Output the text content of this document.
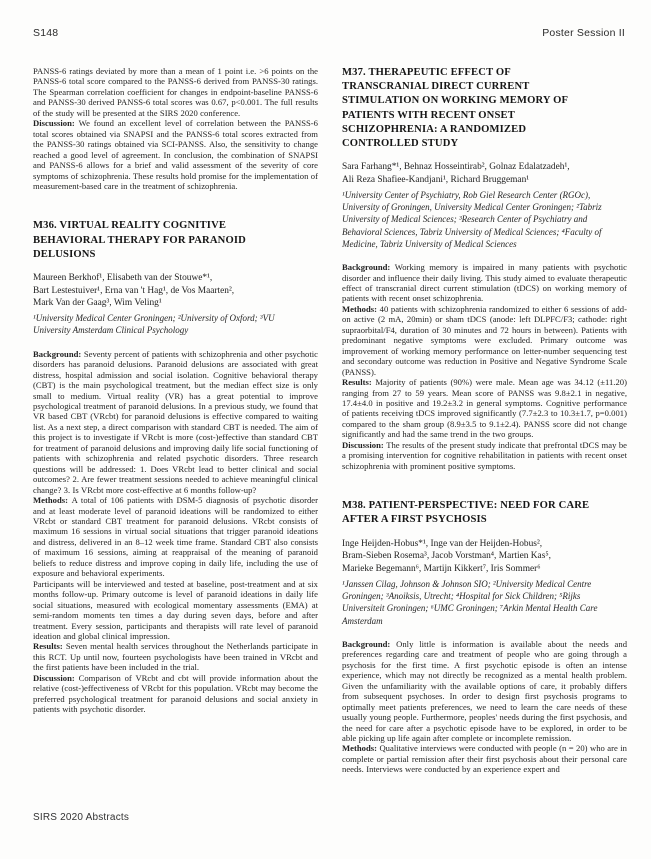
S148	Poster Session II

PANSS-6 ratings deviated by more than a mean of 1 point i.e. >6 points on the PANSS-6 total score compared to the PANSS-6 derived from PANSS-30 ratings. The Spearman correlation coefficient for changes in endpoint-baseline PANSS-6 and PANSS-30 derived PANSS-6 total scores was 0.67, p<0.001. The full results of the study will be presented at the SIRS 2020 conference.

Discussion: We found an excellent level of correlation between the PANSS-6 total scores obtained via SNAPSI and the PANSS-6 total scores extracted from the PANSS-30 ratings obtained via SCI-PANSS. Also, the sensitivity to change reached a good level of agreement. In conclusion, the combination of SNAPSI and PANSS-6 allows for a brief and valid assessment of the severity of core symptoms of schizophrenia. These results hold promise for the implementation of measurement-based care in the treatment of schizophrenia.

M36. VIRTUAL REALITY COGNITIVE BEHAVIORAL THERAPY FOR PARANOID DELUSIONS
Maureen Berkhof¹, Elisabeth van der Stouwe*¹,
Bart Lestestuiver¹, Erna van 't Hag¹, de Vos Maarten²,
Mark Van der Gaag³, Wim Veling¹
¹University Medical Center Groningen; ²University of Oxford; ³VU University Amsterdam Clinical Psychology

Background: Seventy percent of patients with schizophrenia and other psychotic disorders has paranoid delusions. Paranoid delusions are associated with great distress, hospital admission and social isolation. Cognitive behavioral therapy (CBT) is the main psychological treatment, but the median effect size is only small to medium. Virtual reality (VR) has a great potential to improve psychological treatment of paranoid delusions. In a previous study, we found that VR based CBT (VRcbt) for paranoid delusions is effective compared to waiting list. As a next step, a direct comparison with standard CBT is needed. The aim of this project is to investigate if VRcbt is more (cost-)effective than standard CBT for treatment of paranoid delusions and improving daily life social functioning of patients with schizophrenia and related psychotic disorders. Three research questions will be addressed: 1. Does VRcbt lead to better clinical and social outcomes? 2. Are fewer treatment sessions needed to achieve meaningful clinical change? 3. Is VRcbt more cost-effective at 6 months follow-up?

Methods: A total of 106 patients with DSM-5 diagnosis of psychotic disorder and at least moderate level of paranoid ideations will be randomized to either VRcbt or standard CBT treatment for paranoid delusions. VRcbt consists of maximum 16 sessions in virtual social situations that trigger paranoid ideations and distress, delivered in an 8–12 week time frame. Standard CBT also consists of maximum 16 sessions, aiming at reappraisal of the meaning of paranoid beliefs to reduce distress and improve coping in daily life, including the use of exposure and behavioral experiments.

Participants will be interviewed and tested at baseline, post-treatment and at six months follow-up. Primary outcome is level of paranoid ideations in daily life social situations, measured with ecological momentary assessments (EMA) at semi-random moments ten times a day during seven days, before and after treatment. Every session, participants and therapists will rate level of paranoid ideation and global clinical impression.

Results: Seven mental health services throughout the Netherlands participate in this RCT. Up until now, fourteen psychologists have been trained in VRcbt and the first patients have been included in the trial.

Discussion: Comparison of VRcbt and cbt will provide information about the relative (cost-)effectiveness of VRcbt for this population. VRcbt may become the preferred psychological treatment for paranoid delusions and social anxiety in patients with psychotic disorder.

M37. THERAPEUTIC EFFECT OF TRANSCRANIAL DIRECT CURRENT STIMULATION ON WORKING MEMORY OF PATIENTS WITH RECENT ONSET SCHIZOPHRENIA: A RANDOMIZED CONTROLLED STUDY
Sara Farhang*¹, Behnaz Hosseintirab², Golnaz Edalatzadeh¹,
Ali Reza Shafiee-Kandjani¹, Richard Bruggeman¹
¹University Center of Psychiatry, Rob Giel Research Center (RGOc), University of Groningen, University Medical Center Groningen; ²Tabriz University of Medical Sciences; ³Research Center of Psychiatry and Behavioral Sciences, Tabriz University of Medical Sciences; ⁴Faculty of Medicine, Tabriz University of Medical Sciences

Background: Working memory is impaired in many patients with psychotic disorder and influence their daily living. This study aimed to evaluate therapeutic effect of transcranial direct current stimulation (tDCS) on working memory of patients with recent onset schizophrenia.

Methods: 40 patients with schizophrenia randomized to either 6 sessions of add-on active (2 mA, 20min) or sham tDCS (anode: left DLPFC/F3; cathode: right supraorbital/F4, duration of 30 minutes and 72 hours in between). Patients with predominant negative symptoms were excluded. Primary outcome was improvement of working memory performance on letter-number sequencing test and secondary outcome was reduction in Positive and Negative Syndrome Scale (PANSS).

Results: Majority of patients (90%) were male. Mean age was 34.12 (±11.20) ranging from 27 to 59 years. Mean score of PANSS was 9.8±2.1 in negative, 17.4±4.0 in positive and 19.2±3.2 in general symptoms. Cognitive performance of patients receiving tDCS improved significantly (7.7±2.3 to 10.3±1.7, p=0.001) compared to the sham group (8.9±3.5 to 9.1±2.4). PANSS score did not change significantly and had the same trend in the two groups.

Discussion: The results of the present study indicate that prefrontal tDCS may be a promising intervention for cognitive rehabilitation in patients with recent onset schizophrenia with prominent positive symptoms.

M38. PATIENT-PERSPECTIVE: NEED FOR CARE AFTER A FIRST PSYCHOSIS
Inge Heijden-Hobus*¹, Inge van der Heijden-Hobus²,
Bram-Sieben Rosema³, Jacob Vorstman⁴, Martien Kas⁵,
Marieke Begemann⁶, Martijn Kikkert⁷, Iris Sommer⁶
¹Janssen Cilag, Johnson & Johnson SIO; ²University Medical Centre Groningen; ³Anoiksis, Utrecht; ⁴Hospital for Sick Children; ⁵Rijks Universiteit Groningen; ⁶UMC Groningen; ⁷Arkin Mental Health Care Amsterdam

Background: Only little is information is available about the needs and preferences regarding care and treatment of people who are going through a psychosis for the first time. A first psychotic episode is often an intense experience, which may not directly be recognized as a mental health problem. Given the unfamiliarity with the available options of care, it probably differs from subsequent psychoses. In order to design first psychosis programs to optimally meet patients preferences, we need to learn the care needs of these usually young people. Furthermore, peoples' needs during the first psychosis, and the need for care after a psychotic episode have to be explored, in order to be able picking up life again after complete or incomplete remission.

Methods: Qualitative interviews were conducted with people (n = 20) who are in complete or partial remission after their first psychosis about their personal care needs. Interviews were conducted by an experience expert and

SIRS 2020 Abstracts
